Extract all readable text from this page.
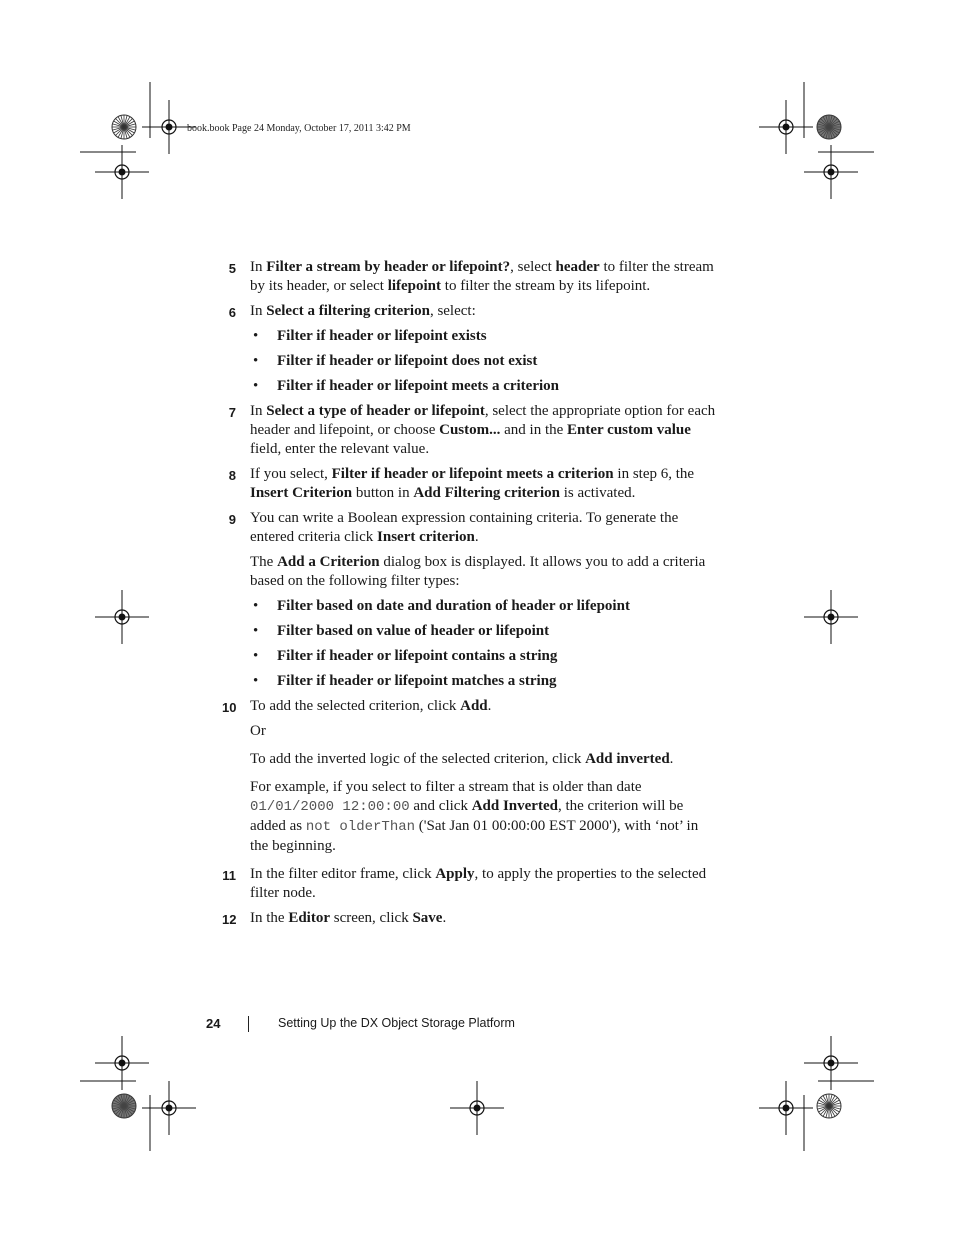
book.book Page 24 Monday, October 17, 2011 3:42 PM
5 In Filter a stream by header or lifepoint?, select header to filter the stream by its header, or select lifepoint to filter the stream by its lifepoint.
6 In Select a filtering criterion, select:
• Filter if header or lifepoint exists
• Filter if header or lifepoint does not exist
• Filter if header or lifepoint meets a criterion
7 In Select a type of header or lifepoint, select the appropriate option for each header and lifepoint, or choose Custom... and in the Enter custom value field, enter the relevant value.
8 If you select, Filter if header or lifepoint meets a criterion in step 6, the Insert Criterion button in Add Filtering criterion is activated.
9 You can write a Boolean expression containing criteria. To generate the entered criteria click Insert criterion.
The Add a Criterion dialog box is displayed. It allows you to add a criteria based on the following filter types:
• Filter based on date and duration of header or lifepoint
• Filter based on value of header or lifepoint
• Filter if header or lifepoint contains a string
• Filter if header or lifepoint matches a string
10 To add the selected criterion, click Add.
Or
To add the inverted logic of the selected criterion, click Add inverted.
For example, if you select to filter a stream that is older than date 01/01/2000 12:00:00 and click Add Inverted, the criterion will be added as not olderThan ('Sat Jan 01 00:00:00 EST 2000'), with ‘not’ in the beginning.
11 In the filter editor frame, click Apply, to apply the properties to the selected filter node.
12 In the Editor screen, click Save.
24	Setting Up the DX Object Storage Platform
